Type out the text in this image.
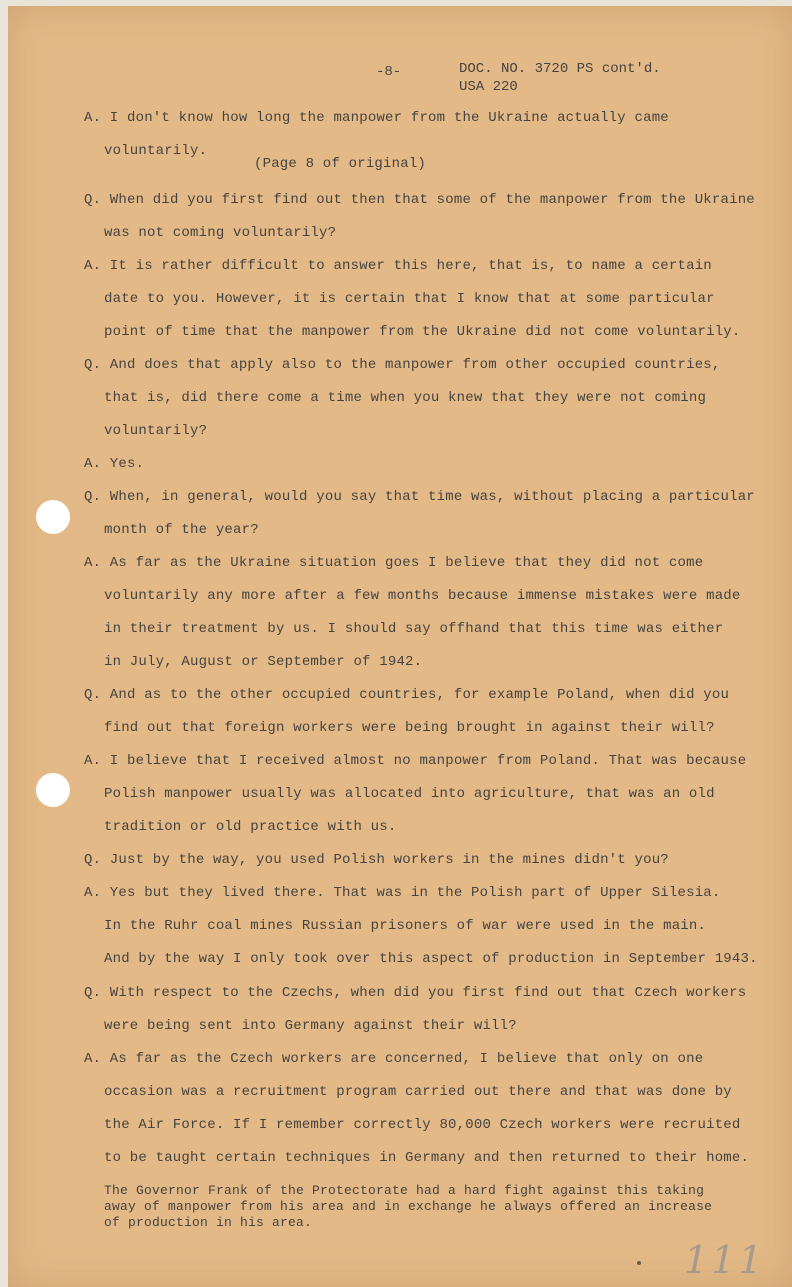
-8-	DOC. NO. 3720 PS cont'd.
USA 220
A. I don't know how long the manpower from the Ukraine actually came
voluntarily.
(Page 8 of original)
Q. When did you first find out then that some of the manpower from the Ukraine
was not coming voluntarily?
A. It is rather difficult to answer this here, that is, to name a certain
date to you. However, it is certain that I know that at some particular
point of time that the manpower from the Ukraine did not come voluntarily.
Q. And does that apply also to the manpower from other occupied countries,
that is, did there come a time when you knew that they were not coming
voluntarily?
A. Yes.
Q. When, in general, would you say that time was, without placing a particular
month of the year?
A. As far as the Ukraine situation goes I believe that they did not come
voluntarily any more after a few months because immense mistakes were made
in their treatment by us. I should say offhand that this time was either
in July, August or September of 1942.
Q. And as to the other occupied countries, for example Poland, when did you
find out that foreign workers were being brought in against their will?
A. I believe that I received almost no manpower from Poland. That was because
Polish manpower usually was allocated into agriculture, that was an old
tradition or old practice with us.
Q. Just by the way, you used Polish workers in the mines didn't you?
A. Yes but they lived there. That was in the Polish part of Upper Silesia.
In the Ruhr coal mines Russian prisoners of war were used in the main.
And by the way I only took over this aspect of production in September 1943.
Q. With respect to the Czechs, when did you first find out that Czech workers
were being sent into Germany against their will?
A. As far as the Czech workers are concerned, I believe that only on one
occasion was a recruitment program carried out there and that was done by
the Air Force. If I remember correctly 80,000 Czech workers were recruited
to be taught certain techniques in Germany and then returned to their home.
The Governor Frank of the Protectorate had a hard fight against this taking
away of manpower from his area and in exchange he always offered an increase
of production in his area.
111
